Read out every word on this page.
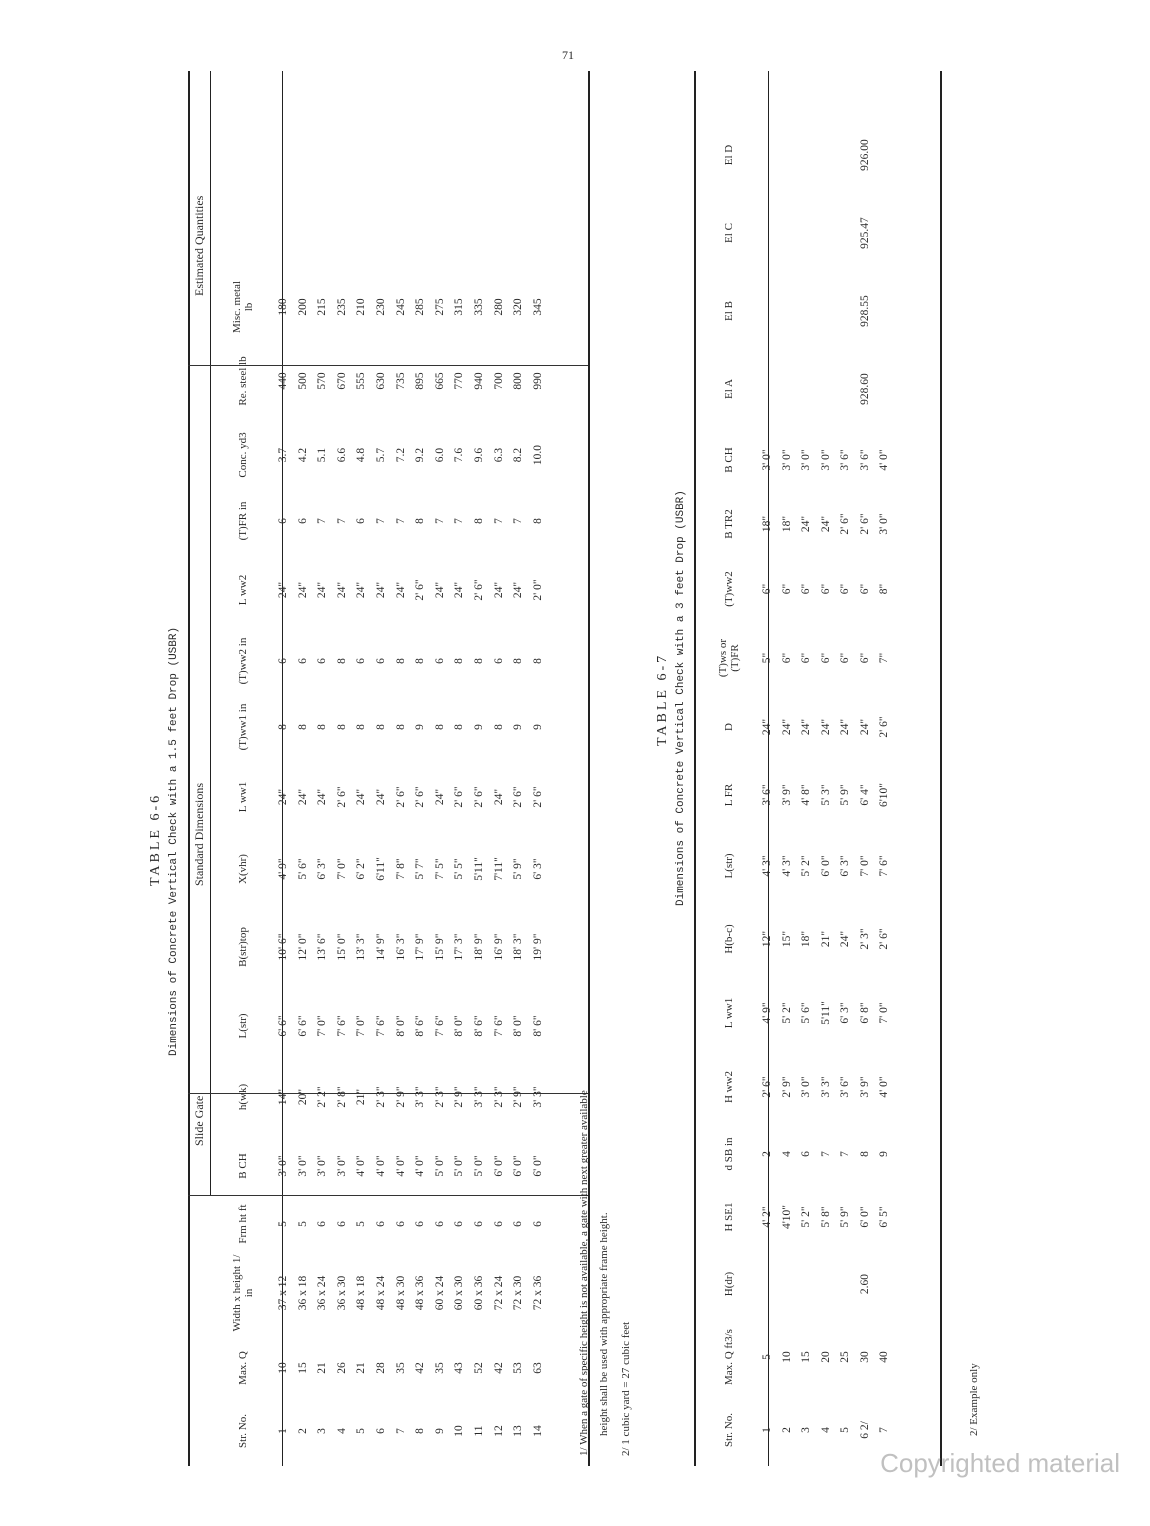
TABLE 6-6 Dimensions of Concrete Vertical Check with a 1.5 feet Drop (USBR)
Slide Gate
Standard Dimensions
Estimated Quantities
Str. No.	Max. Q	Width x height 1/ in	Frm ht ft	B CH	h(wk)	L(str)	B(str)top	X(vhr)	L ww1	(T)ww1 in	(T)ww2 in	L ww2	(T)FR in	Conc. yd3	Re. steel lb	Misc. metal lb
1	10	37 x 12	5	3' 0"	14"	6' 6"	10' 6"	4' 9"	24"	8	6	24"	6	3.7	440	180
2	15	36 x 18	5	3' 0"	20"	6' 6"	12' 0"	5' 6"	24"	8	6	24"	6	4.2	500	200
3	21	36 x 24	6	3' 0"	2' 2"	7' 0"	13' 6"	6' 3"	24"	8	6	24"	7	5.1	570	215
4	26	36 x 30	6	3' 0"	2' 8"	7' 6"	15' 0"	7' 0"	2' 6"	8	8	24"	7	6.6	670	235
5	21	48 x 18	5	4' 0"	21"	7' 0"	13' 3"	6' 2"	24"	8	6	24"	6	4.8	555	210
6	28	48 x 24	6	4' 0"	2' 3"	7' 6"	14' 9"	6'11"	24"	8	6	24"	7	5.7	630	230
7	35	48 x 30	6	4' 0"	2' 9"	8' 0"	16' 3"	7' 8"	2' 6"	8	8	24"	7	7.2	735	245
8	42	48 x 36	6	4' 0"	3' 3"	8' 6"	17' 9"	5' 7"	2' 6"	9	8	2' 6"	8	9.2	895	285
9	35	60 x 24	6	5' 0"	2' 3"	7' 6"	15' 9"	7' 5"	24"	8	6	24"	7	6.0	665	275
10	43	60 x 30	6	5' 0"	2' 9"	8' 0"	17' 3"	5' 5"	2' 6"	8	8	24"	7	7.6	770	315
11	52	60 x 36	6	5' 0"	3' 3"	8' 6"	18' 9"	5'11"	2' 6"	9	8	2' 6"	8	9.6	940	335
12	42	72 x 24	6	6' 0"	2' 3"	7' 6"	16' 9"	7'11"	24"	8	6	24"	7	6.3	700	280
13	53	72 x 30	6	6' 0"	2' 9"	8' 0"	18' 3"	5' 9"	2' 6"	9	8	24"	7	8.2	800	320
14	63	72 x 36	6	6' 0"	3' 3"	8' 6"	19' 9"	6' 3"	2' 6"	9	8	2' 0"	8	10.0	990	345
1/ When a gate of specific height is not available, a gate with next greater available height shall be used with appropriate frame height. 2/ 1 cubic yard = 27 cubic feet
TABLE 6-7 Dimensions of Concrete Vertical Check with a 3 feet Drop (USBR)
Str. No.	Max. Q ft3/s	H(dr)	H SE1	d SB in	H ww2	L ww1	H(b-c)	L(str)	L FR	D	(T)ws or (T)FR	(T)ww2	B TR2	B CH	El A	El B	El C	El D
1	5		4' 2"	2	2' 6"	4' 9"	12"	4' 3"	3' 6"	24"	5"	6"	18"	3' 0"				
2	10		4'10"	4	2' 9"	5' 2"	15"	4' 3"	3' 9"	24"	6"	6"	18"	3' 0"				
3	15		5' 2"	6	3' 0"	5' 6"	18"	5' 2"	4' 8"	24"	6"	6"	24"	3' 0"				
4	20		5' 8"	7	3' 3"	5'11"	21"	6' 0"	5' 3"	24"	6"	6"	24"	3' 0"				
5	25		5' 9"	7	3' 6"	6' 3"	24"	6' 3"	5' 9"	24"	6"	6"	2' 6"	3' 6"				
6 2/	30	2.60	6' 0"	8	3' 9"	6' 8"	2' 3"	7' 0"	6' 4"	24"	6"	6"	2' 6"	3' 6"	928.60	928.55	925.47	926.00
7	40		6' 5"	9	4' 0"	7' 0"	2' 6"	7' 6"	6'10"	2' 6"	7"	8"	3' 0"	4' 0"				
2/ Example only
71
Copyrighted material
